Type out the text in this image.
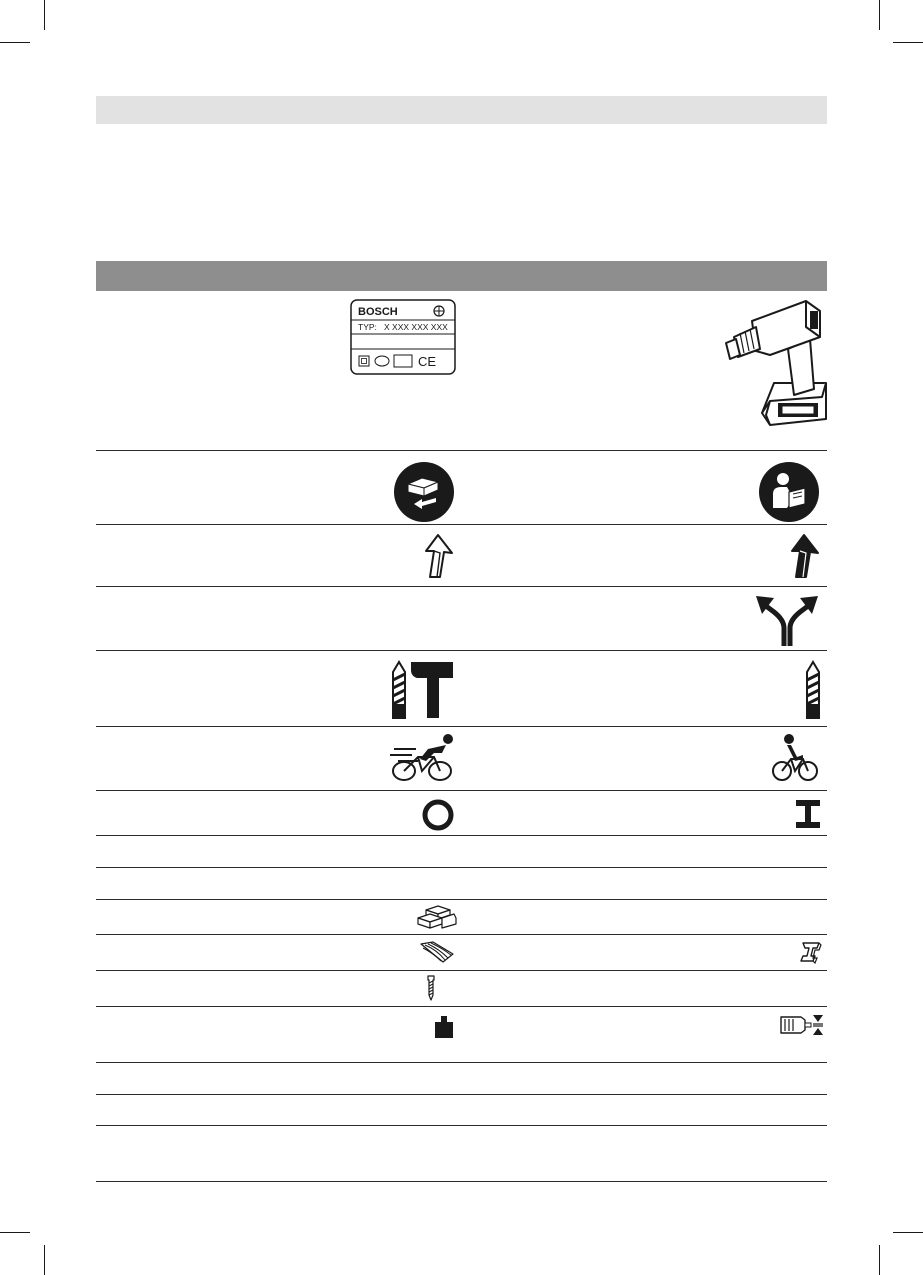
BOSCH
TYP: X XXX XXX XXX
CE
